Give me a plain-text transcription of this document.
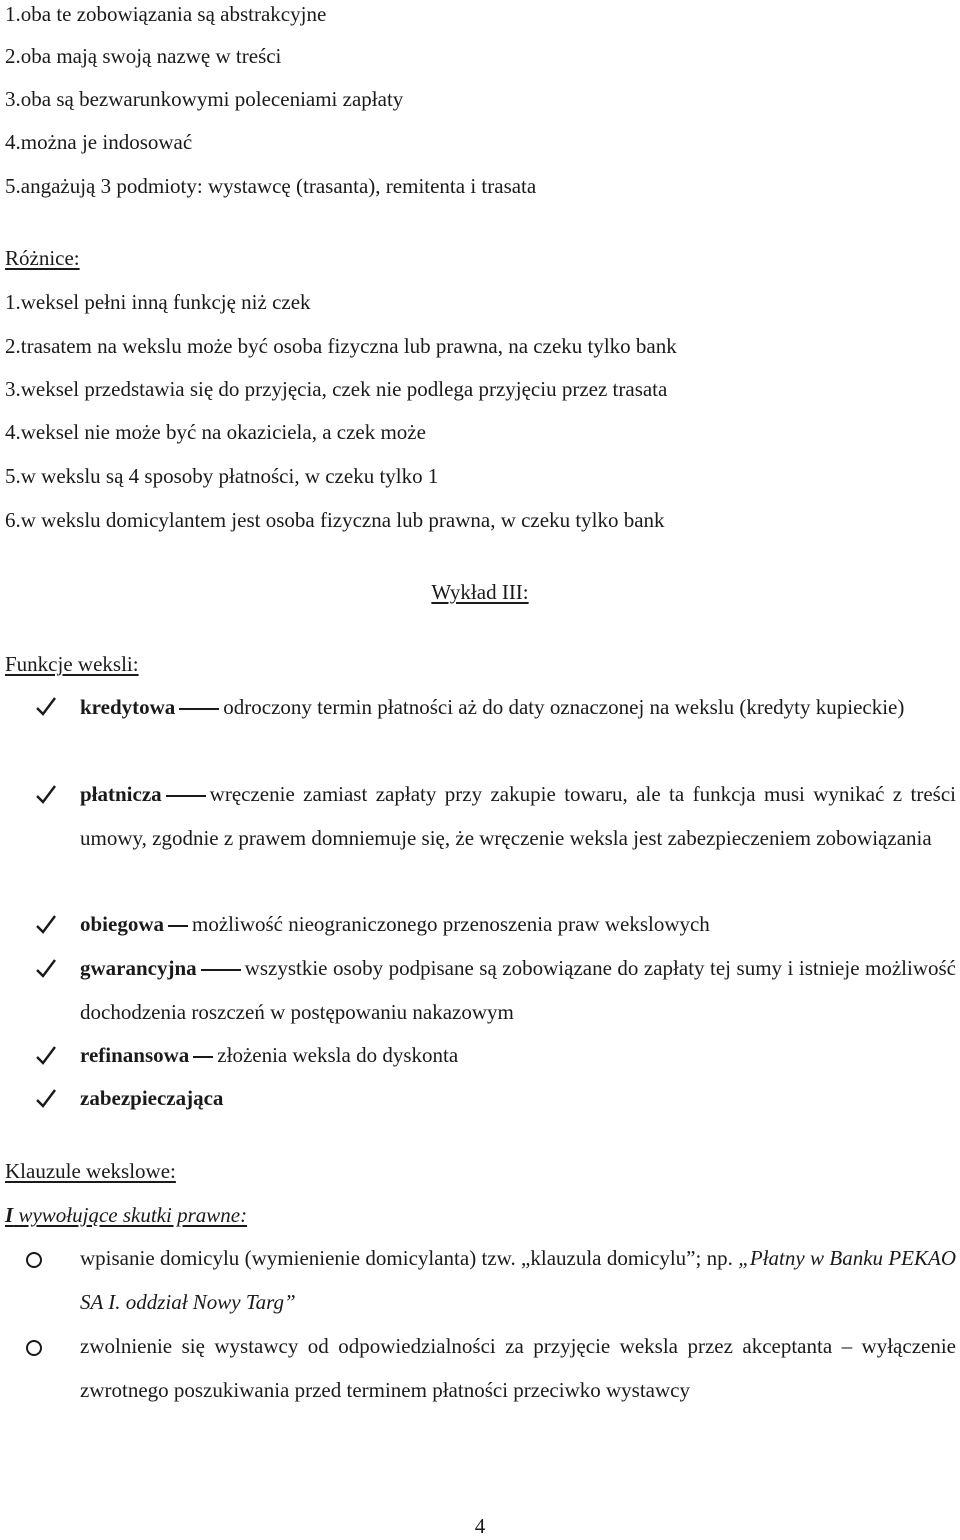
1.oba te zobowiązania są abstrakcyjne
2.oba mają swoją nazwę w treści
3.oba są bezwarunkowymi poleceniami zapłaty
4.można je indosować
5.angażują 3 podmioty: wystawcę (trasanta), remitenta i trasata
Różnice:
1.weksel pełni inną funkcję niż czek
2.trasatem na wekslu może być osoba fizyczna lub prawna, na czeku tylko bank
3.weksel przedstawia się do przyjęcia, czek nie podlega przyjęciu przez trasata
4.weksel nie może być na okaziciela, a czek może
5.w wekslu są 4 sposoby płatności, w czeku tylko 1
6.w wekslu domicylantem jest osoba fizyczna lub prawna, w czeku tylko bank
Wykład III:
Funkcje weksli:
kredytowa odroczony termin płatności aż do daty oznaczonej na wekslu (kredyty kupieckie)
płatnicza wręczenie zamiast zapłaty przy zakupie towaru, ale ta funkcja musi wynikać z treści umowy, zgodnie z prawem domniemuje się, że wręczenie weksla jest zabezpieczeniem zobowiązania
obiegowa możliwość nieograniczonego przenoszenia praw wekslowych
gwarancyjna wszystkie osoby podpisane są zobowiązane do zapłaty tej sumy i istnieje możliwość dochodzenia roszczeń w postępowaniu nakazowym
refinansowa złożenia weksla do dyskonta
zabezpieczająca
Klauzule wekslowe:
I wywołujące skutki prawne:
wpisanie domicylu (wymienienie domicylanta) tzw. „klauzula domicylu”; np. „Płatny w Banku PEKAO SA I. oddział Nowy Targ”
zwolnienie się wystawcy od odpowiedzialności za przyjęcie weksla przez akceptanta – wyłączenie zwrotnego poszukiwania przed terminem płatności przeciwko wystawcy
4
